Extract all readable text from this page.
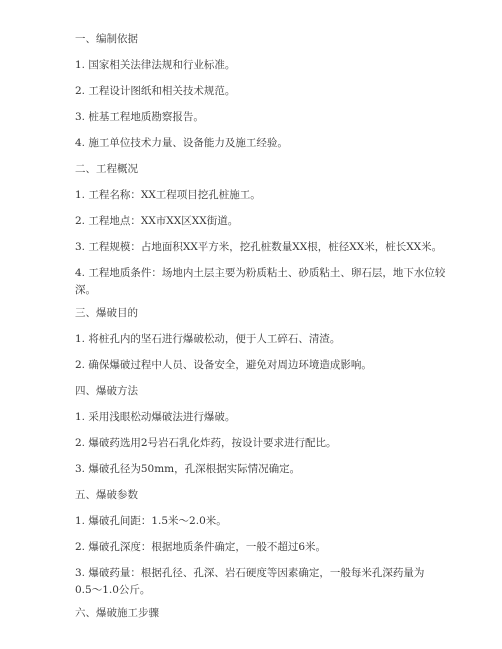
一、编制依据
1. 国家相关法律法规和行业标准。
2. 工程设计图纸和相关技术规范。
3. 桩基工程地质勘察报告。
4. 施工单位技术力量、设备能力及施工经验。
二、工程概况
1. 工程名称：XX工程项目挖孔桩施工。
2. 工程地点：XX市XX区XX街道。
3. 工程规模：占地面积XX平方米，挖孔桩数量XX根，桩径XX米，桩长XX米。
4. 工程地质条件：场地内土层主要为粉质粘土、砂质粘土、卵石层，地下水位较
深。
三、爆破目的
1. 将桩孔内的坚石进行爆破松动，便于人工碎石、清渣。
2. 确保爆破过程中人员、设备安全，避免对周边环境造成影响。
四、爆破方法
1. 采用浅眼松动爆破法进行爆破。
2. 爆破药选用2号岩石乳化炸药，按设计要求进行配比。
3. 爆破孔径为50mm，孔深根据实际情况确定。
五、爆破参数
1. 爆破孔间距：1.5米～2.0米。
2. 爆破孔深度：根据地质条件确定，一般不超过6米。
3. 爆破药量：根据孔径、孔深、岩石硬度等因素确定，一般每米孔深药量为
0.5～1.0公斤。
六、爆破施工步骤
